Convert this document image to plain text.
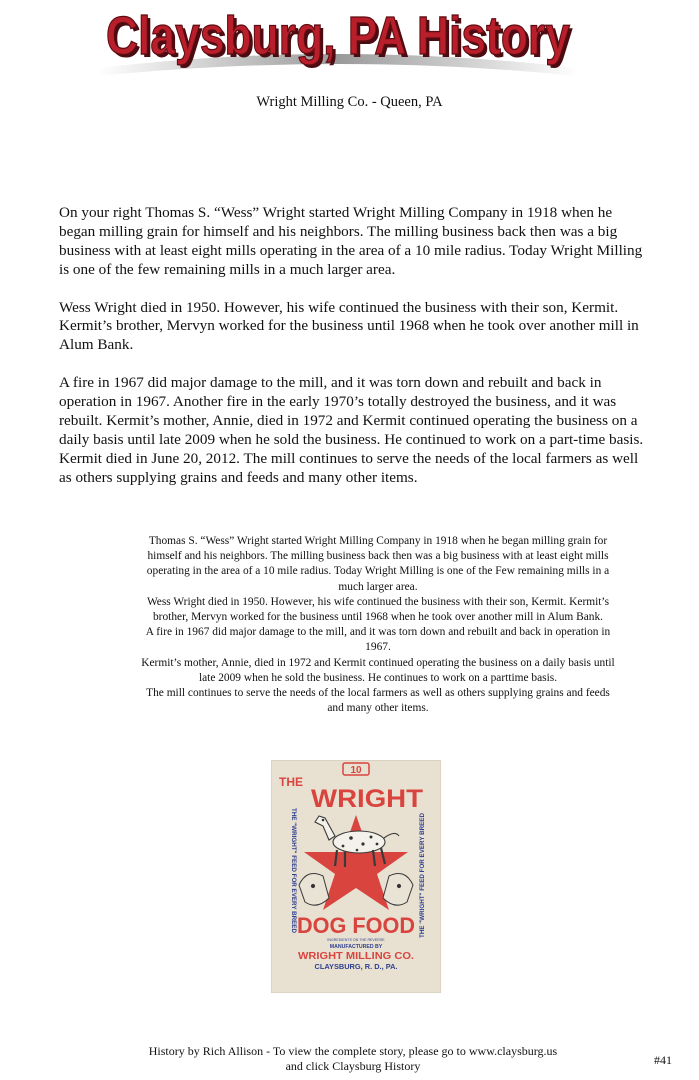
Claysburg, PA History
Claysburg, PA History
Wright Milling Co. - Queen, PA

On your right Thomas S. “Wess” Wright started Wright Milling Company in 1918 when he began milling grain for himself and his neighbors. The milling business back then was a big business with at least eight mills operating in the area of a 10 mile radius. Today Wright Milling is one of the few remaining mills in a much larger area.

Wess Wright died in 1950. However, his wife continued the business with their son, Kermit. Kermit’s brother, Mervyn worked for the business until 1968 when he took over another mill in Alum Bank.

A fire in 1967 did major damage to the mill, and it was torn down and rebuilt and back in operation in 1967. Another fire in the early 1970’s totally destroyed the business, and it was rebuilt. Kermit’s mother, Annie, died in 1972 and Kermit continued operating the business on a daily basis until late 2009 when he sold the business. He continued to work on a part-time basis. Kermit died in June 20, 2012. The mill continues to serve the needs of the local farmers as well as others supplying grains and feeds and many other items.

Thomas S. “Wess” Wright started Wright Milling Company in 1918 when he began milling grain for himself and his neighbors. The milling business back then was a big business with at least eight mills operating in the area of a 10 mile radius. Today Wright Milling is one of the Few remaining mills in a much larger area.
Wess Wright died in 1950. However, his wife continued the business with their son, Kermit. Kermit’s brother, Mervyn worked for the business until 1968 when he took over another mill in Alum Bank.
A fire in 1967 did major damage to the mill, and it was torn down and rebuilt and back in operation in 1967.
Kermit’s mother, Annie, died in 1972 and Kermit continued operating the business on a daily basis until late 2009 when he sold the business. He continues to work on a parttime basis.
The mill continues to serve the needs of the local farmers as well as others supplying grains and feeds and many other items.
10
THE
WRIGHT
THE "WRIGHT" FEED FOR EVERY BREED	THE "WRIGHT" FEED FOR EVERY BREED
DOG FOOD
INGREDIENTS ON THE REVERSE
MANUFACTURED BY
WRIGHT MILLING CO.
CLAYSBURG, R. D., PA.
History by Rich Allison - To view the complete story, please go to www.claysburg.us
and click Claysburg History	#41
